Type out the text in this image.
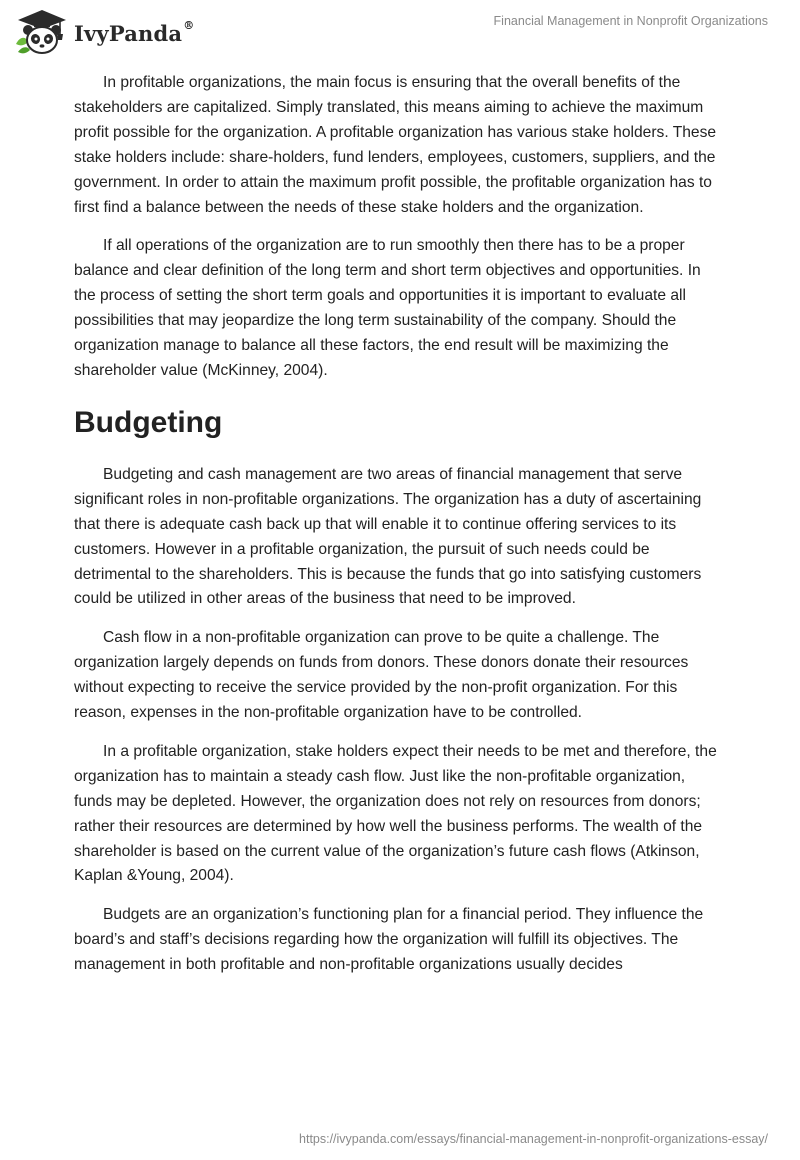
IvyPanda®	Financial Management in Nonprofit Organizations

In profitable organizations, the main focus is ensuring that the overall benefits of the stakeholders are capitalized. Simply translated, this means aiming to achieve the maximum profit possible for the organization. A profitable organization has various stake holders. These stake holders include: share-holders, fund lenders, employees, customers, suppliers, and the government. In order to attain the maximum profit possible, the profitable organization has to first find a balance between the needs of these stake holders and the organization.

If all operations of the organization are to run smoothly then there has to be a proper balance and clear definition of the long term and short term objectives and opportunities. In the process of setting the short term goals and opportunities it is important to evaluate all possibilities that may jeopardize the long term sustainability of the company. Should the organization manage to balance all these factors, the end result will be maximizing the shareholder value (McKinney, 2004).

Budgeting

Budgeting and cash management are two areas of financial management that serve significant roles in non-profitable organizations. The organization has a duty of ascertaining that there is adequate cash back up that will enable it to continue offering services to its customers. However in a profitable organization, the pursuit of such needs could be detrimental to the shareholders. This is because the funds that go into satisfying customers could be utilized in other areas of the business that need to be improved.

Cash flow in a non-profitable organization can prove to be quite a challenge. The organization largely depends on funds from donors. These donors donate their resources without expecting to receive the service provided by the non-profit organization. For this reason, expenses in the non-profitable organization have to be controlled.

In a profitable organization, stake holders expect their needs to be met and therefore, the organization has to maintain a steady cash flow. Just like the non-profitable organization, funds may be depleted. However, the organization does not rely on resources from donors; rather their resources are determined by how well the business performs. The wealth of the shareholder is based on the current value of the organization’s future cash flows (Atkinson, Kaplan &Young, 2004).

Budgets are an organization’s functioning plan for a financial period. They influence the board’s and staff’s decisions regarding how the organization will fulfill its objectives. The management in both profitable and non-profitable organizations usually decides

https://ivypanda.com/essays/financial-management-in-nonprofit-organizations-essay/
